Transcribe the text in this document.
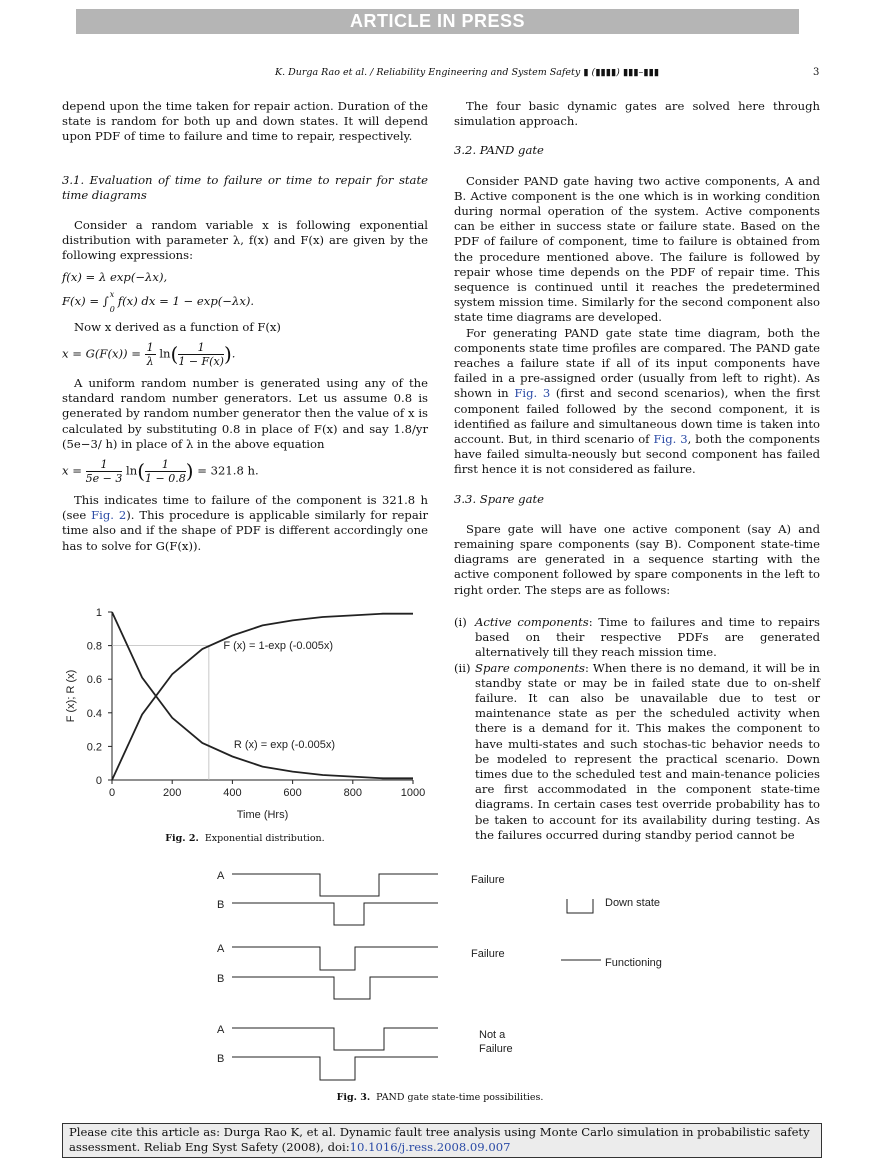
ARTICLE IN PRESS
K. Durga Rao et al. / Reliability Engineering and System Safety ▮ (▮▮▮▮) ▮▮▮–▮▮▮	3

depend upon the time taken for repair action. Duration of the state is random for both up and down states. It will depend upon PDF of time to failure and time to repair, respectively.

3.1. Evaluation of time to failure or time to repair for state time diagrams

Consider a random variable x is following exponential distribution with parameter λ, f(x) and F(x) are given by the following expressions:

f(x) = λ exp(−λx),

F(x) = ∫ x
0
f(x) dx = 1 − exp(−λx).

Now x derived as a function of F(x)

$x = G(F(x)) = \frac{1}{\lambda} \ln( \frac{1}{1 - F(x)}$ ).

A uniform random number is generated using any of the standard random number generators. Let us assume 0.8 is generated by random number generator then the value of x is calculated by substituting 0.8 in place of F(x) and say 1.8/yr (5e−3/ h) in place of λ in the above equation

$x = \frac{1}{5e - 3} \ln( \frac{1}{1 - 0.8}$ ) = 321.8 h.

This indicates time to failure of the component is 321.8 h (see Fig. 2). This procedure is applicable similarly for repair time also and if the shape of PDF is different accordingly one has to solve for G(F(x)).

0	200	400	600	800	1000
0
0.2
0.4
0.6
0.8
1
F (x) = 1-exp (-0.005x)
R (x) = exp (-0.005x)
Time (Hrs)
F (x); R (x)
Fig. 2. Exponential distribution.

The four basic dynamic gates are solved here through simulation approach.

3.2. PAND gate

Consider PAND gate having two active components, A and B. Active component is the one which is in working condition during normal operation of the system. Active components can be either in success state or failure state. Based on the PDF of failure of component, time to failure is obtained from the procedure mentioned above. The failure is followed by repair whose time depends on the PDF of repair time. This sequence is continued until it reaches the predetermined system mission time. Similarly for the second component also state time diagrams are developed.

For generating PAND gate state time diagram, both the components state time profiles are compared. The PAND gate reaches a failure state if all of its input components have failed in a pre-assigned order (usually from left to right). As shown in Fig. 3 (first and second scenarios), when the first component failed followed by the second component, it is identified as failure and simultaneous down time is taken into account. But, in third scenario of Fig. 3, both the components have failed simulta-neously but second component has failed first hence it is not considered as failure.

3.3. Spare gate

Spare gate will have one active component (say A) and remaining spare components (say B). Component state-time diagrams are generated in a sequence starting with the active component followed by spare components in the left to right order. The steps are as follows:

(i) Active components: Time to failures and time to repairs based on their respective PDFs are generated alternatively till they reach mission time.
(ii) Spare components: When there is no demand, it will be in standby state or may be in failed state due to on-shelf failure. It can also be unavailable due to test or maintenance state as per the scheduled activity when there is a demand for it. This makes the component to have multi-states and such stochas-tic behavior needs to be modeled to represent the practical scenario. Down times due to the scheduled test and main-tenance policies are first accommodated in the component state-time diagrams. In certain cases test override probability has to be taken to account for its availability during testing. As the failures occurred during standby period cannot be
A
B
Failure
A
B
Failure
A
B
Not a
Failure
Down state
Functioning
Fig. 3. PAND gate state-time possibilities.
Please cite this article as: Durga Rao K, et al. Dynamic fault tree analysis using Monte Carlo simulation in probabilistic safety assessment. Reliab Eng Syst Safety (2008), doi:10.1016/j.ress.2008.09.007
